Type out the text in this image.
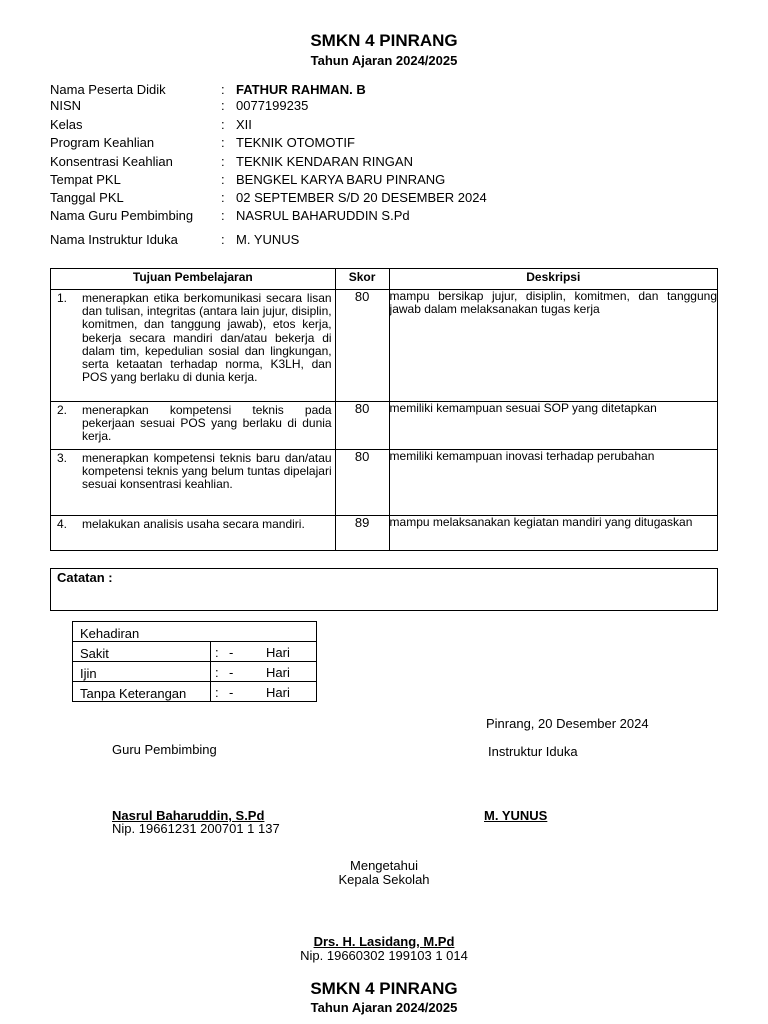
SMKN 4 PINRANG
Tahun Ajaran 2024/2025
Nama Peserta Didik	: FATHUR RAHMAN. B
NISN	: 0077199235
Kelas	: XII
Program Keahlian	: TEKNIK OTOMOTIF
Konsentrasi Keahlian	: TEKNIK KENDARAN RINGAN
Tempat PKL	: BENGKEL KARYA BARU PINRANG
Tanggal PKL	: 02 SEPTEMBER S/D 20 DESEMBER 2024
Nama Guru Pembimbing	: NASRUL BAHARUDDIN S.Pd
Nama Instruktur Iduka	: M. YUNUS
Tujuan Pembelajaran	Skor	Deskripsi

1. menerapkan etika berkomunikasi secara lisan dan tulisan, integritas (antara lain jujur, disiplin, komitmen, dan tanggung jawab), etos kerja, bekerja secara mandiri dan/atau bekerja di dalam tim, kepedulian sosial dan lingkungan, serta ketaatan terhadap norma, K3LH, dan POS yang berlaku di dunia kerja.	80	mampu bersikap jujur, disiplin, komitmen, dan tanggung jawab dalam melaksanakan tugas kerja

2. menerapkan kompetensi teknis pada pekerjaan sesuai POS yang berlaku di dunia kerja.	80	memiliki kemampuan sesuai SOP yang ditetapkan

3. menerapkan kompetensi teknis baru dan/atau kompetensi teknis yang belum tuntas dipelajari sesuai konsentrasi keahlian.	80	memiliki kemampuan inovasi terhadap perubahan

4. melakukan analisis usaha secara mandiri.	89	mampu melaksanakan kegiatan mandiri yang ditugaskan
Catatan :
Kehadiran	
Sakit	: - Hari

Ijin	: - Hari

Tanpa Keterangan	: - Hari
Pinrang, 20 Desember 2024
Guru Pembimbing	Instruktur Iduka
Nasrul Baharuddin, S.Pd
Nip. 19661231 200701 1 137
M. YUNUS
Mengetahui
Kepala Sekolah
Drs. H. Lasidang, M.Pd
Nip. 19660302 199103 1 014
SMKN 4 PINRANG
Tahun Ajaran 2024/2025
